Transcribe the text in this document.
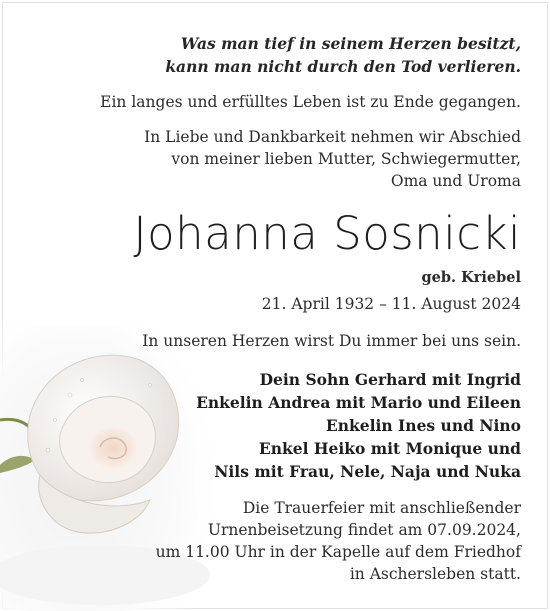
Was man tief in seinem Herzen besitzt,
kann man nicht durch den Tod verlieren.
Ein langes und erfülltes Leben ist zu Ende gegangen.
In Liebe und Dankbarkeit nehmen wir Abschied
von meiner lieben Mutter, Schwiegermutter,
Oma und Uroma
Johanna Sosnicki
geb. Kriebel
21. April 1932 – 11. August 2024
In unseren Herzen wirst Du immer bei uns sein.
Dein Sohn Gerhard mit Ingrid
Enkelin Andrea mit Mario und Eileen
Enkelin Ines und Nino
Enkel Heiko mit Monique und
Nils mit Frau, Nele, Naja und Nuka
Die Trauerfeier mit anschließender
Urnenbeisetzung findet am 07.09.2024,
um 11.00 Uhr in der Kapelle auf dem Friedhof
in Aschersleben statt.
